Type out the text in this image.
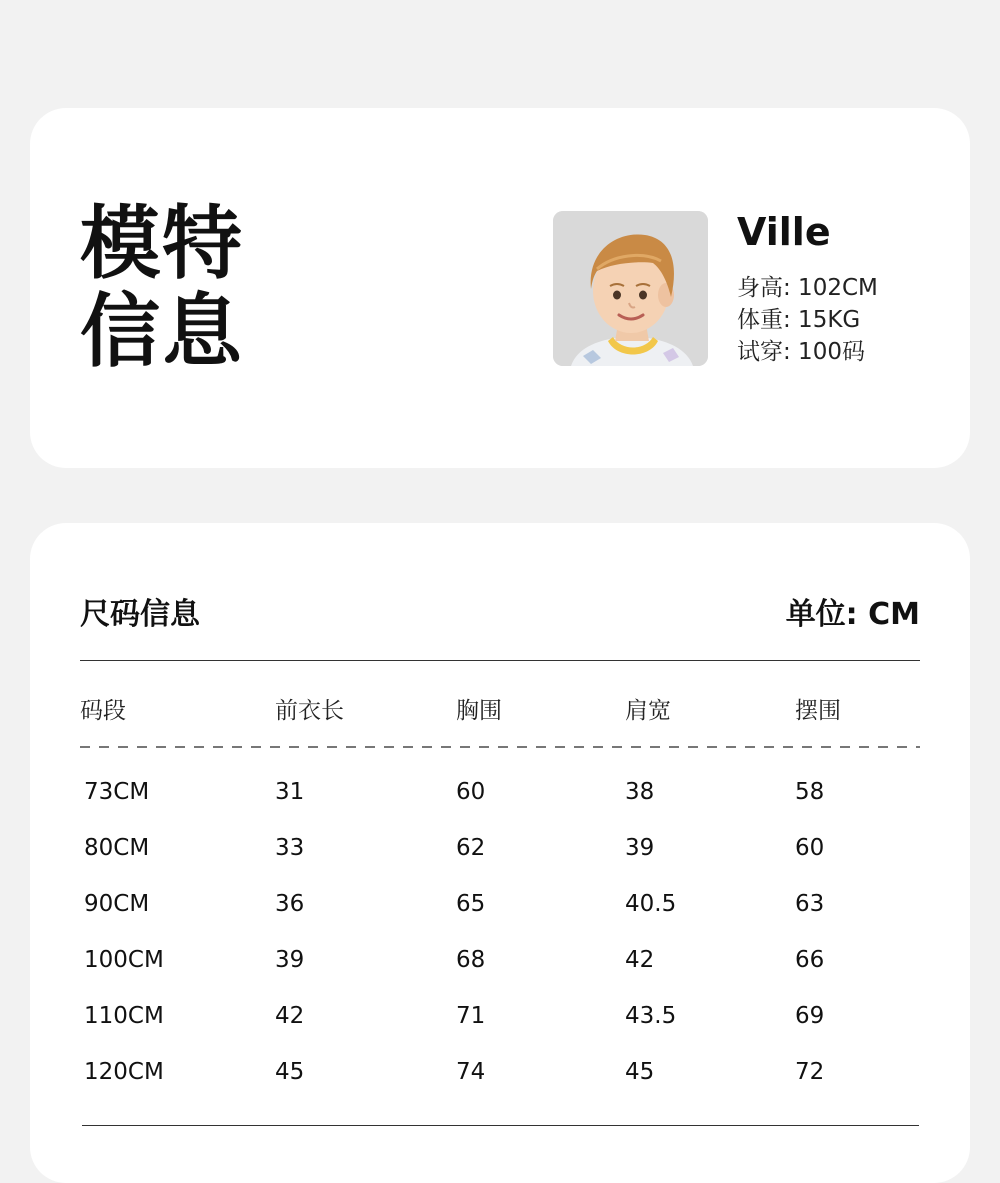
模特
信息
Ville
身高: 102CM
体重: 15KG
试穿: 100码
尺码信息	单位: CM
码段	前衣长	胸围	肩宽	摆围
73CM	31	60	38	58
80CM	33	62	39	60
90CM	36	65	40.5	63
100CM	39	68	42	66
110CM	42	71	43.5	69
120CM	45	74	45	72
